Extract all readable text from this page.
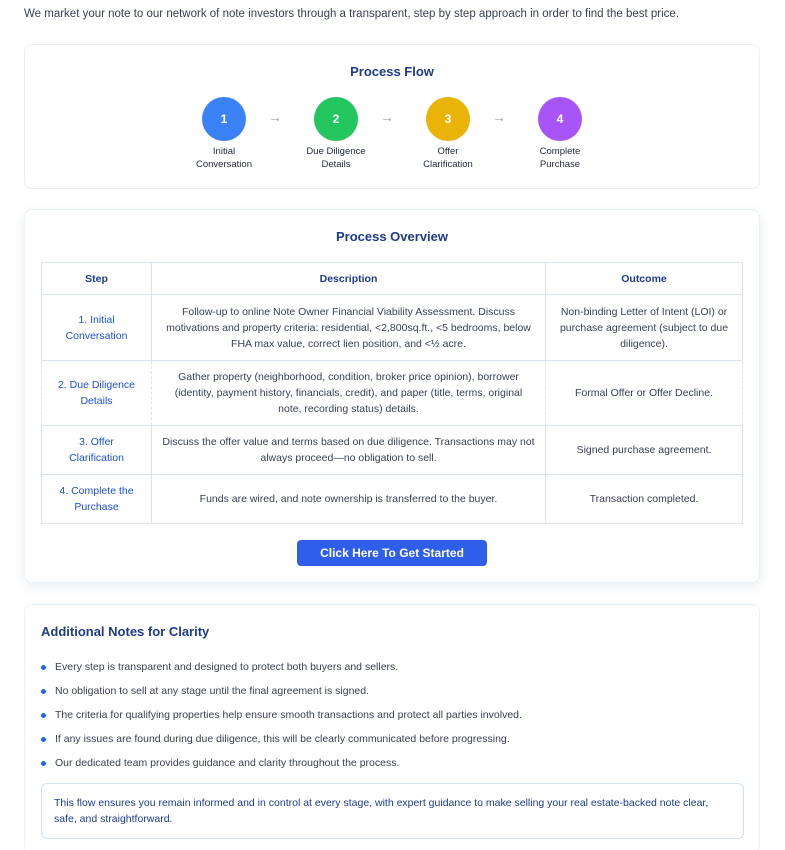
We market your note to our network of note investors through a transparent, step by step approach in order to find the best price.

Process Flow
1
Initial
Conversation
→	2
Due Diligence
Details
→	3
Offer
Clarification
→	4
Complete
Purchase
Process Overview
Step	Description	Outcome
1. Initial Conversation	Follow-up to online Note Owner Financial Viability Assessment. Discuss motivations and property criteria: residential, <2,800sq.ft., <5 bedrooms, below FHA max value, correct lien position, and <½ acre.	Non-binding Letter of Intent (LOI) or purchase agreement (subject to due diligence).
2. Due Diligence Details	Gather property (neighborhood, condition, broker price opinion), borrower (identity, payment history, financials, credit), and paper (title, terms, original note, recording status) details.	Formal Offer or Offer Decline.
3. Offer Clarification	Discuss the offer value and terms based on due diligence. Transactions may not always proceed—no obligation to sell.	Signed purchase agreement.
4. Complete the Purchase	Funds are wired, and note ownership is transferred to the buyer.	Transaction completed.
Click Here To Get Started
Additional Notes for Clarity
Every step is transparent and designed to protect both buyers and sellers.
No obligation to sell at any stage until the final agreement is signed.
The criteria for qualifying properties help ensure smooth transactions and protect all parties involved.
If any issues are found during due diligence, this will be clearly communicated before progressing.
Our dedicated team provides guidance and clarity throughout the process.
This flow ensures you remain informed and in control at every stage, with expert guidance to make selling your real estate-backed note clear, safe, and straightforward.
